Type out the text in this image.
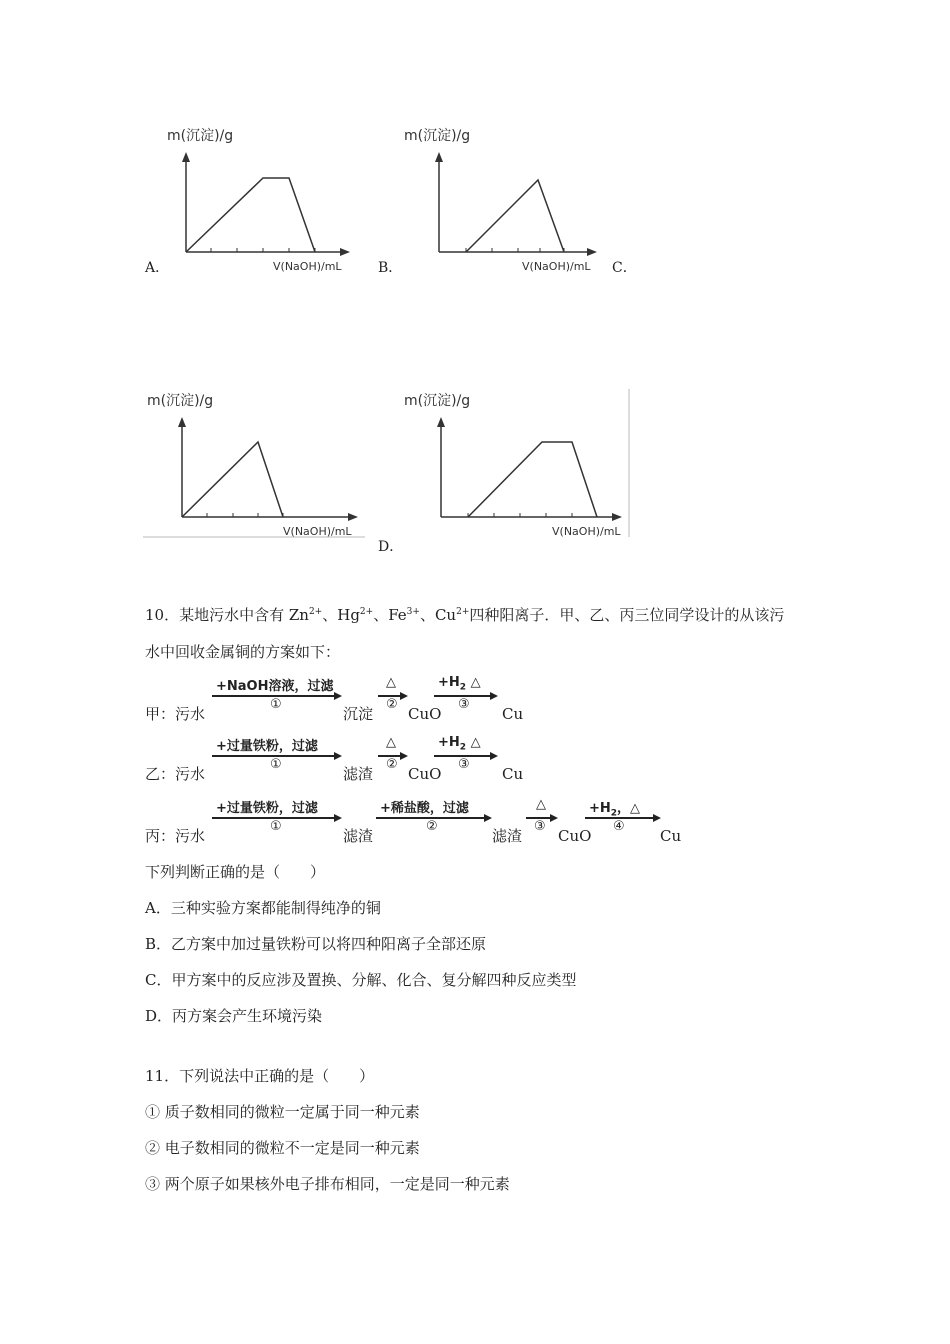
m(沉淀)/g
V(NaOH)/mL
A．
m(沉淀)/g
V(NaOH)/mL
B．	C．
m(沉淀)/g
V(NaOH)/mL
m(沉淀)/g
V(NaOH)/mL
D．
10．某地污水中含有 $Zn^{2+}$、$Hg^{2+}$、$Fe^{3+}$、$Cu^{2+}$四种阳离子．甲、乙、丙三位同学设计的从该污
水中回收金属铜的方案如下：
甲：污水
+NaOH溶液，过滤
①
沉淀
△
②
CuO
$+H_2$ △
③
Cu
乙：污水
+过量铁粉，过滤
①
滤渣
△
②
CuO
$+H_2$ △
③
Cu
丙：污水
+过量铁粉，过滤
①
滤渣
+稀盐酸，过滤
②
滤渣
△
③
CuO
$+H_2$，△
④
Cu
下列判断正确的是（　　）
A．三种实验方案都能制得纯净的铜
B．乙方案中加过量铁粉可以将四种阳离子全部还原
C．甲方案中的反应涉及置换、分解、化合、复分解四种反应类型
D．丙方案会产生环境污染
11．下列说法中正确的是（　　）
① 质子数相同的微粒一定属于同一种元素
② 电子数相同的微粒不一定是同一种元素
③ 两个原子如果核外电子排布相同，一定是同一种元素
